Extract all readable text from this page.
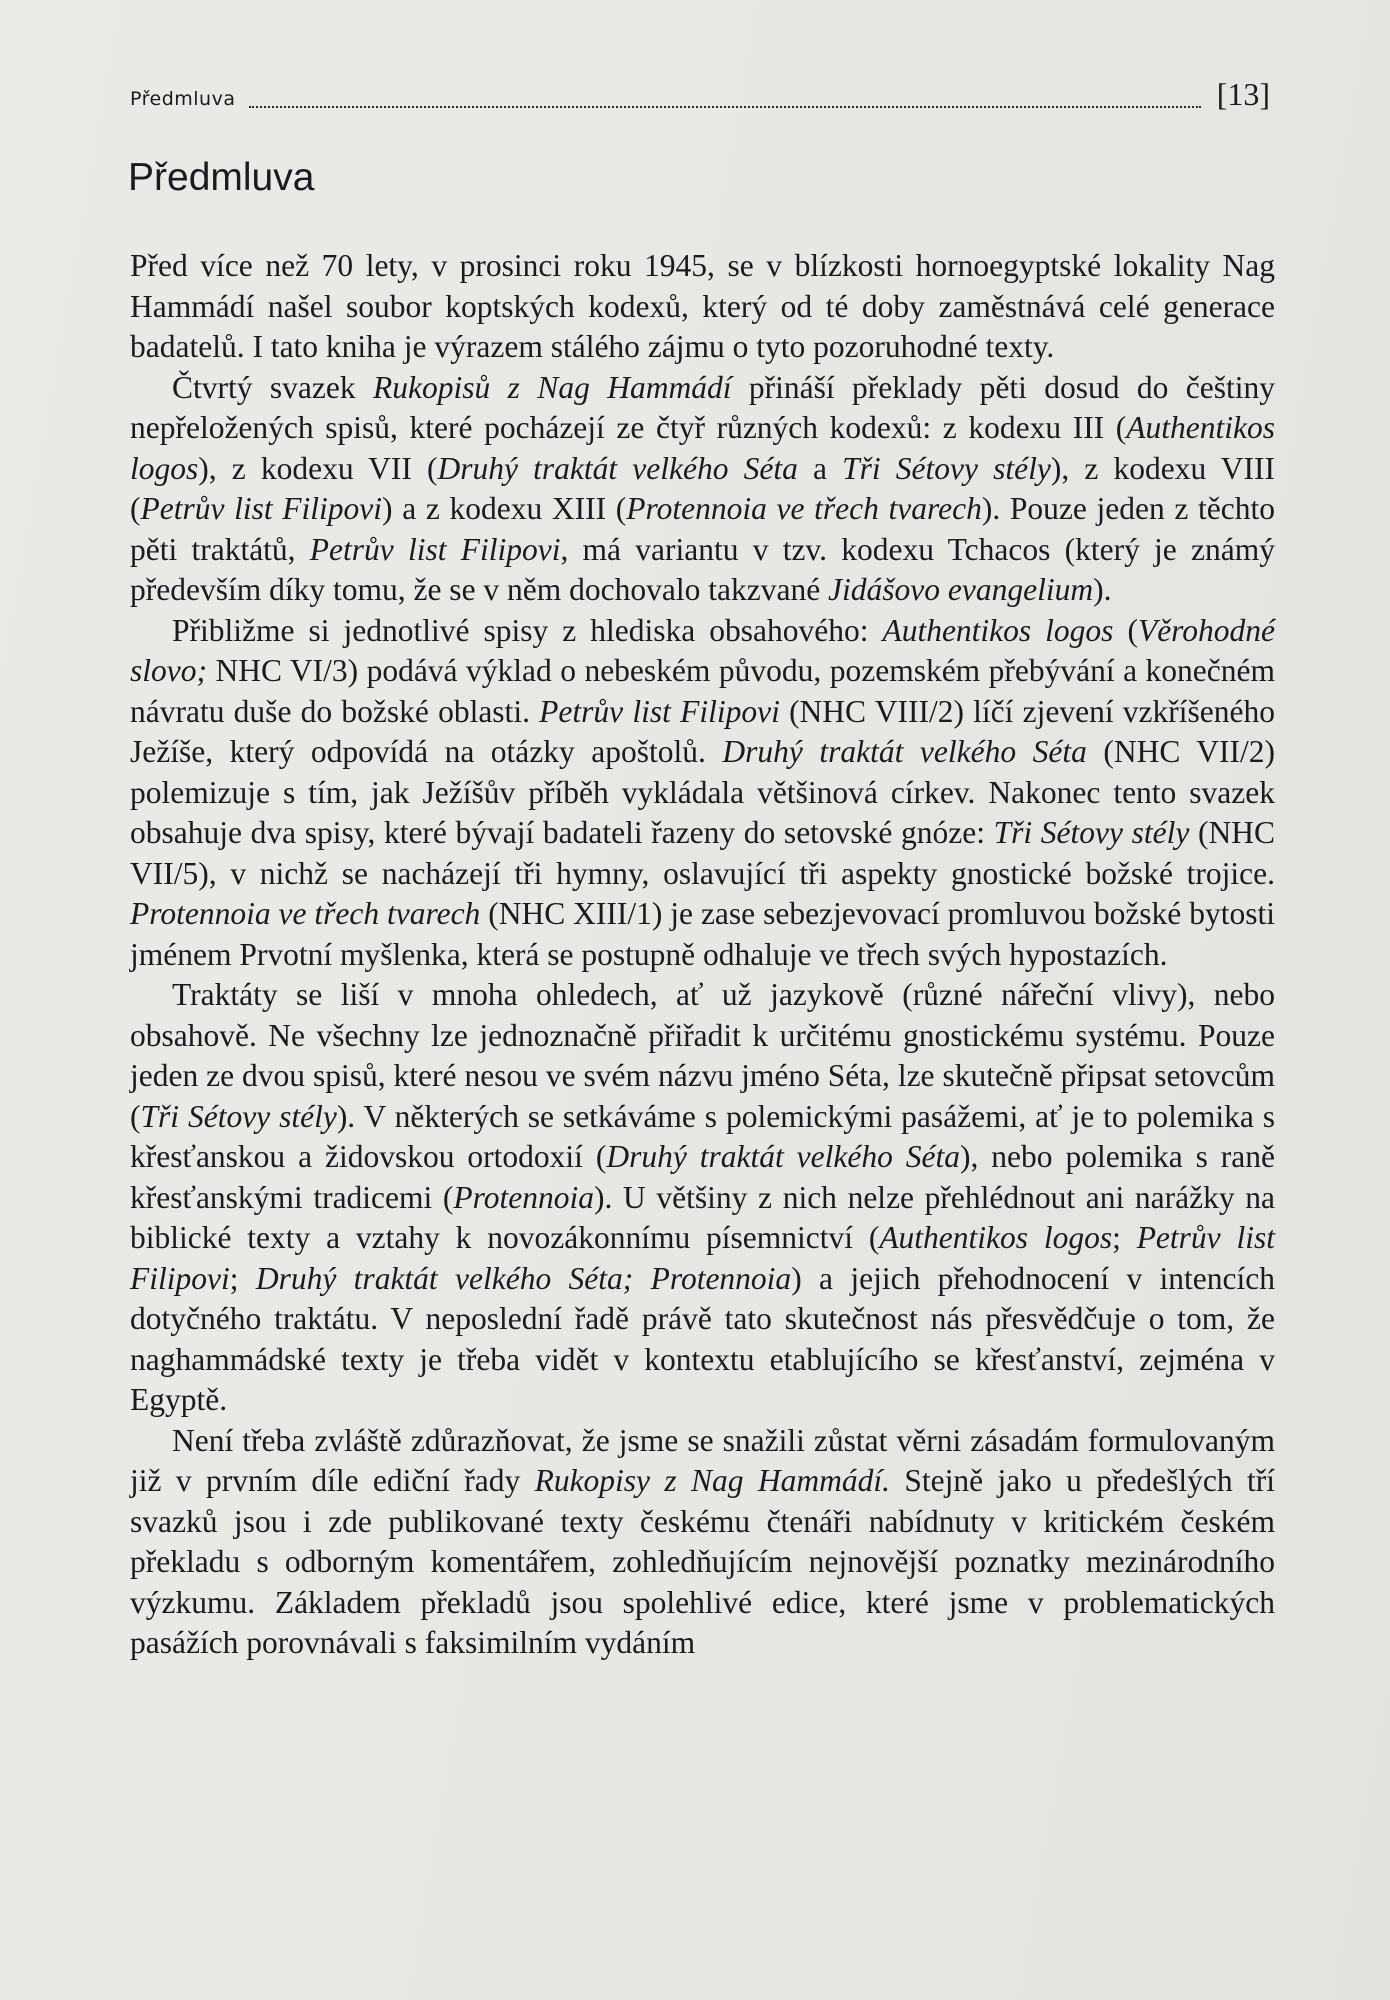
Předmluva	[13]
Předmluva

Před více než 70 lety, v prosinci roku 1945, se v blízkosti hornoegyptské lokality Nag Hammádí našel soubor koptských kodexů, který od té doby zaměstnává celé generace badatelů. I tato kniha je výrazem stálého zájmu o tyto pozoruhodné texty.

Čtvrtý svazek Rukopisů z Nag Hammádí přináší překlady pěti dosud do češtiny nepřeložených spisů, které pocházejí ze čtyř různých kodexů: z kodexu III (Authentikos logos), z kodexu VII (Druhý traktát velkého Séta a Tři Sétovy stély), z kodexu VIII (Petrův list Filipovi) a z kodexu XIII (Protennoia ve třech tvarech). Pouze jeden z těchto pěti traktátů, Petrův list Filipovi, má variantu v tzv. kodexu Tchacos (který je známý především díky tomu, že se v něm dochovalo takzvané Jidášovo evangelium).

Přibližme si jednotlivé spisy z hlediska obsahového: Authentikos logos (Věrohodné slovo; NHC VI/3) podává výklad o nebeském původu, pozemském přebývání a konečném návratu duše do božské oblasti. Petrův list Filipovi (NHC VIII/2) líčí zjevení vzkříšeného Ježíše, který odpovídá na otázky apoštolů. Druhý traktát velkého Séta (NHC VII/2) polemizuje s tím, jak Ježíšův příběh vykládala většinová církev. Nakonec tento svazek obsahuje dva spisy, které bývají badateli řazeny do setovské gnóze: Tři Sétovy stély (NHC VII/5), v nichž se nacházejí tři hymny, oslavující tři aspekty gnostické božské trojice. Protennoia ve třech tvarech (NHC XIII/1) je zase sebezjevovací promluvou božské bytosti jménem Prvotní myšlenka, která se postupně odhaluje ve třech svých hypostazích.

Traktáty se liší v mnoha ohledech, ať už jazykově (různé nářeční vlivy), nebo obsahově. Ne všechny lze jednoznačně přiřadit k určitému gnostickému systému. Pouze jeden ze dvou spisů, které nesou ve svém názvu jméno Séta, lze skutečně připsat setovcům (Tři Sétovy stély). V některých se setkáváme s polemickými pasážemi, ať je to polemika s křesťanskou a židovskou ortodoxií (Druhý traktát velkého Séta), nebo polemika s raně křesťanskými tradicemi (Protennoia). U většiny z nich nelze přehlédnout ani narážky na biblické texty a vztahy k novozákonnímu písemnictví (Authentikos logos; Petrův list Filipovi; Druhý traktát velkého Séta; Protennoia) a jejich přehodnocení v intencích dotyčného traktátu. V neposlední řadě právě tato skutečnost nás přesvědčuje o tom, že naghammádské texty je třeba vidět v kontextu etablujícího se křesťanství, zejména v Egyptě.

Není třeba zvláště zdůrazňovat, že jsme se snažili zůstat věrni zásadám formulovaným již v prvním díle ediční řady Rukopisy z Nag Hammádí. Stejně jako u předešlých tří svazků jsou i zde publikované texty českému čtenáři nabídnuty v kritickém českém překladu s odborným komentářem, zohledňujícím nejnovější poznatky mezinárodního výzkumu. Základem překladů jsou spolehlivé edice, které jsme v problematických pasážích porovnávali s faksimilním vydáním
